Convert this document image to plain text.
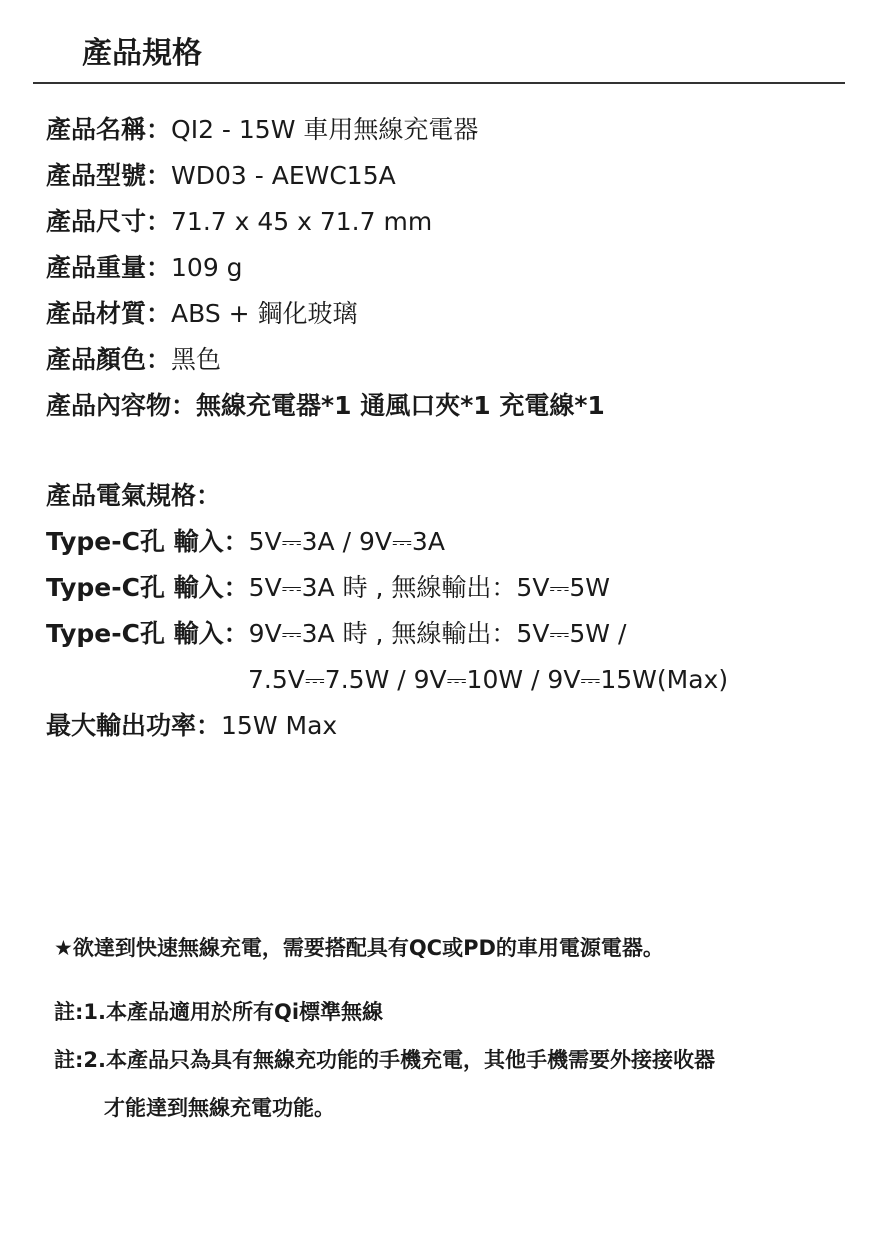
產品規格
產品名稱：QI2 - 15W 車用無線充電器
產品型號：WD03 - AEWC15A
產品尺寸：71.7 x 45 x 71.7 mm
產品重量：109 g
產品材質：ABS + 鋼化玻璃
產品顏色：黑色
產品內容物：無線充電器*1 通風口夾*1 充電線*1
產品電氣規格：
Type-C孔 輸入：5V⎓3A / 9V⎓3A
Type-C孔 輸入：5V⎓3A 時 , 無線輸出：5V⎓5W
Type-C孔 輸入：9V⎓3A 時 , 無線輸出：5V⎓5W /
7.5V⎓7.5W / 9V⎓10W / 9V⎓15W(Max)
最大輸出功率：15W Max
★欲達到快速無線充電，需要搭配具有QC或PD的車用電源電器。
註:1.本產品適用於所有Qi標準無線
註:2.本產品只為具有無線充功能的手機充電，其他手機需要外接接收器
才能達到無線充電功能。
